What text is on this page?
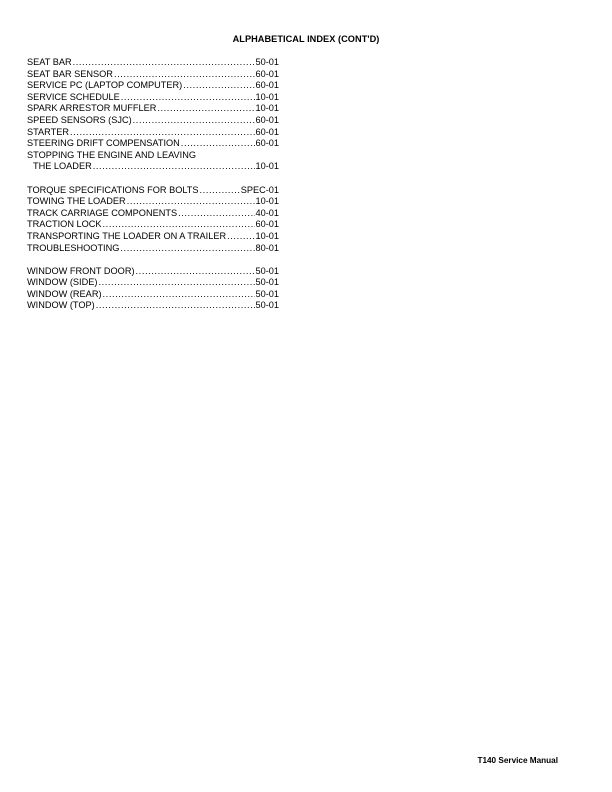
ALPHABETICAL INDEX (CONT'D)
SEAT BAR .....	50-01
SEAT BAR SENSOR .....	60-01
SERVICE PC (LAPTOP COMPUTER) .....	60-01
SERVICE SCHEDULE .....	10-01
SPARK ARRESTOR MUFFLER .....	10-01
SPEED SENSORS (SJC) .....	60-01
STARTER .....	60-01
STEERING DRIFT COMPENSATION .....	60-01
STOPPING THE ENGINE AND LEAVING
THE LOADER .....	10-01
TORQUE SPECIFICATIONS FOR BOLTS .....	SPEC-01
TOWING THE LOADER .....	10-01
TRACK CARRIAGE COMPONENTS .....	40-01
TRACTION LOCK .....	60-01
TRANSPORTING THE LOADER ON A TRAILER .....	10-01
TROUBLESHOOTING .....	80-01
WINDOW FRONT DOOR) .....	50-01
WINDOW (SIDE) .....	50-01
WINDOW (REAR) .....	50-01
WINDOW (TOP) .....	50-01
T140 Service Manual
